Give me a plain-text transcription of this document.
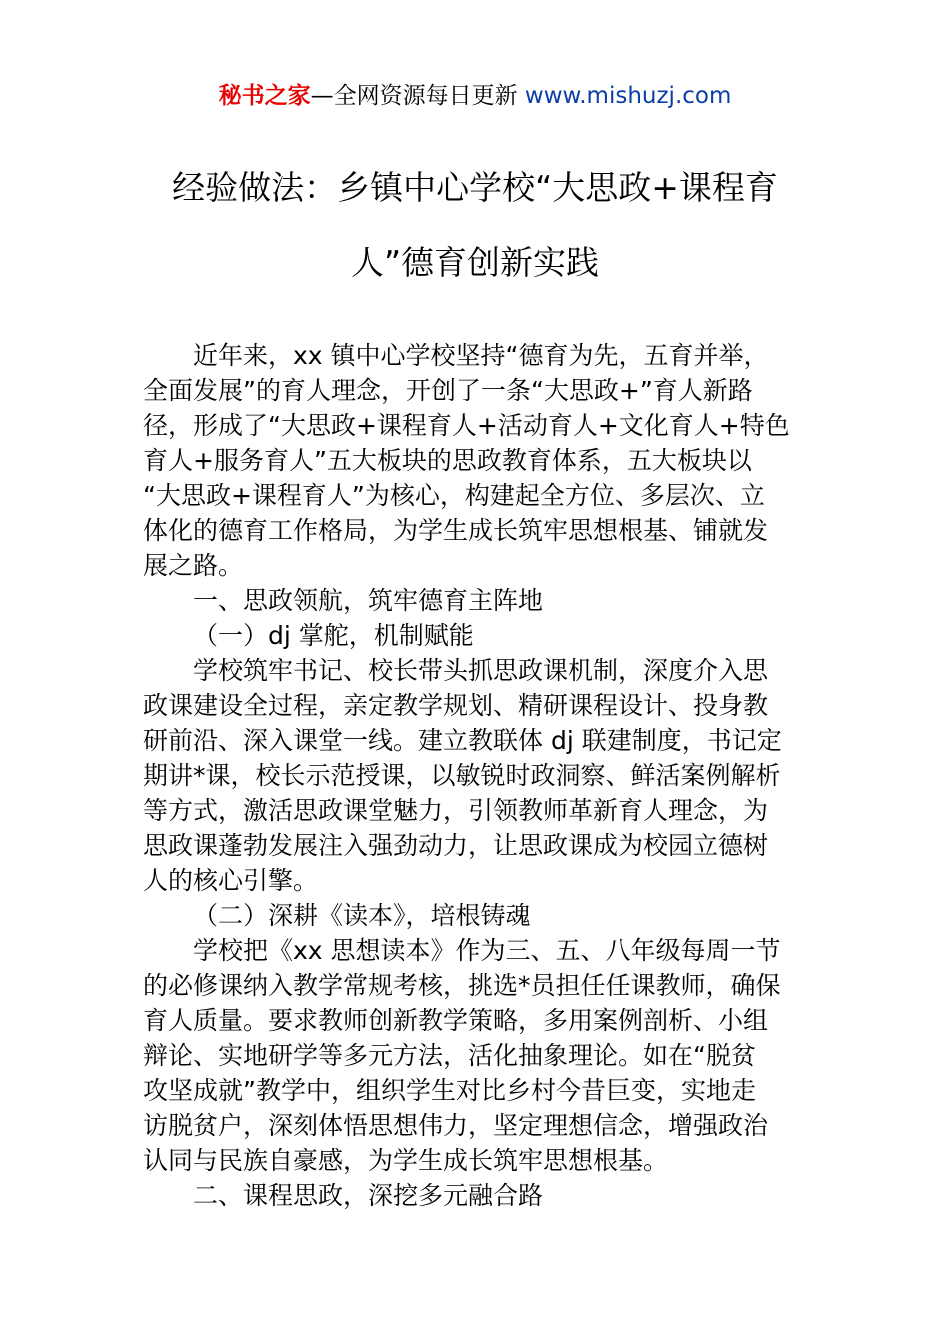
秘书之家—全网资源每日更新 www.mishuzj.com
经验做法：乡镇中心学校“大思政+课程育
人”德育创新实践
近年来，xx 镇中心学校坚持“德育为先，五育并举，
全面发展”的育人理念，开创了一条“大思政+”育人新路
径，形成了“大思政+课程育人+活动育人+文化育人+特色
育人+服务育人”五大板块的思政教育体系，五大板块以
“大思政+课程育人”为核心，构建起全方位、多层次、立
体化的德育工作格局，为学生成长筑牢思想根基、铺就发
展之路。
一、思政领航，筑牢德育主阵地
（一）dj 掌舵，机制赋能
学校筑牢书记、校长带头抓思政课机制，深度介入思
政课建设全过程，亲定教学规划、精研课程设计、投身教
研前沿、深入课堂一线。建立教联体 dj 联建制度，书记定
期讲*课，校长示范授课，以敏锐时政洞察、鲜活案例解析
等方式，激活思政课堂魅力，引领教师革新育人理念，为
思政课蓬勃发展注入强劲动力，让思政课成为校园立德树
人的核心引擎。
（二）深耕《读本》，培根铸魂
学校把《xx 思想读本》作为三、五、八年级每周一节
的必修课纳入教学常规考核，挑选*员担任任课教师，确保
育人质量。要求教师创新教学策略，多用案例剖析、小组
辩论、实地研学等多元方法，活化抽象理论。如在“脱贫
攻坚成就”教学中，组织学生对比乡村今昔巨变，实地走
访脱贫户，深刻体悟思想伟力，坚定理想信念，增强政治
认同与民族自豪感，为学生成长筑牢思想根基。
二、课程思政，深挖多元融合路
